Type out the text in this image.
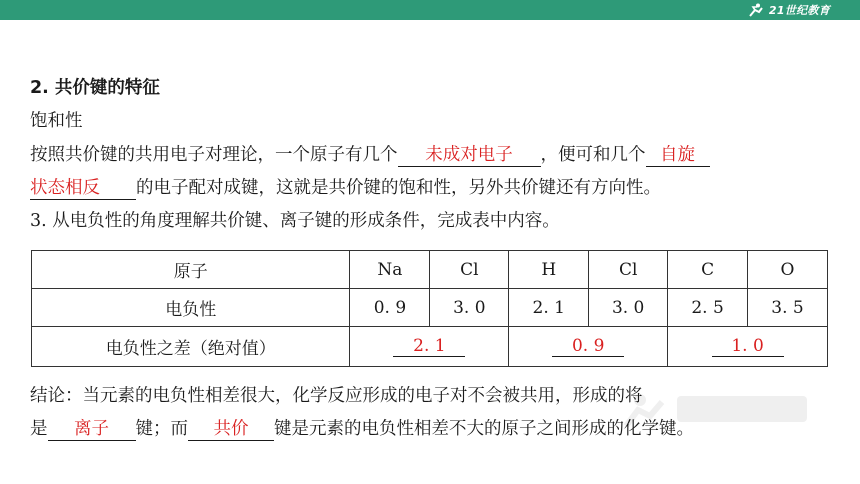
21世纪教育
2. 共价键的特征
饱和性
按照共价键的共用电子对理论，一个原子有几个 未成对电子 ，便可和几个 自旋
状态相反 的电子配对成键，这就是共价键的饱和性，另外共价键还有方向性。
3. 从电负性的角度理解共价键、离子键的形成条件，完成表中内容。
原子	Na	Cl	H	Cl	C	O
电负性	0. 9	3. 0	2. 1	3. 0	2. 5	3. 5
电负性之差（绝对值）	2. 1		0. 9		1. 0	
结论：当元素的电负性相差很大，化学反应形成的电子对不会被共用，形成的将
是 离子 键；而 共价 键是元素的电负性相差不大的原子之间形成的化学键。
